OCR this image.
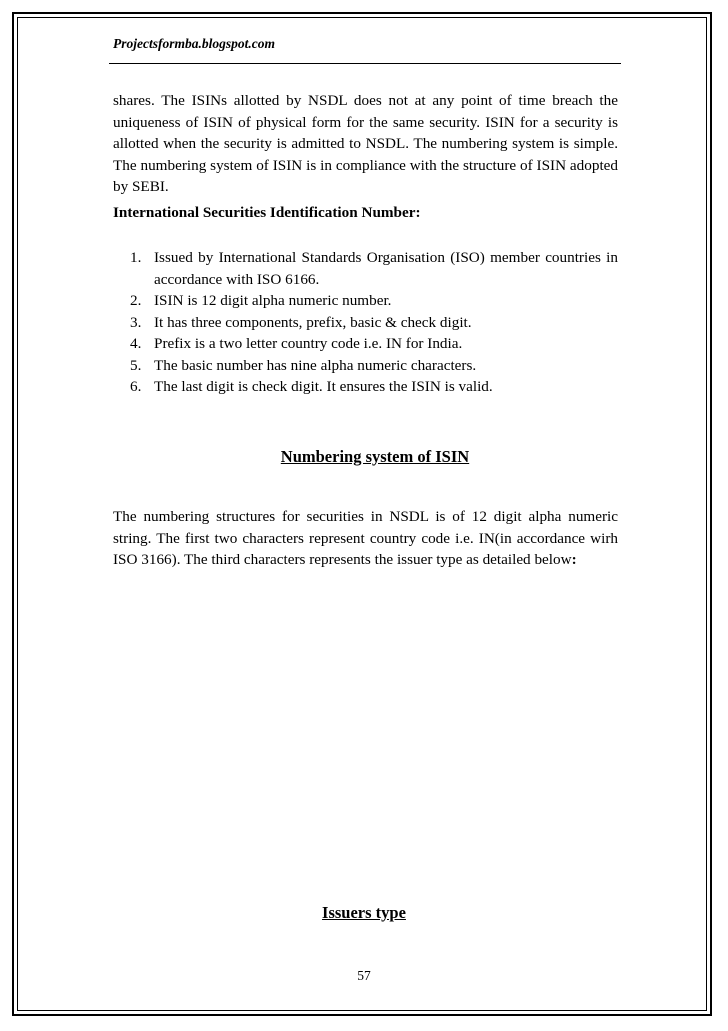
Projectsformba.blogspot.com

shares. The ISINs allotted by NSDL does not at any point of time breach the uniqueness of ISIN of physical form for the same security. ISIN for a security is allotted when the security is admitted to NSDL. The numbering system is simple. The numbering system of ISIN is in compliance with the structure of ISIN adopted by SEBI.

International Securities Identification Number:
1. Issued by International Standards Organisation (ISO) member countries in accordance with ISO 6166.
2. ISIN is 12 digit alpha numeric number.
3. It has three components, prefix, basic & check digit.
4. Prefix is a two letter country code i.e. IN for India.
5. The basic number has nine alpha numeric characters.
6. The last digit is check digit. It ensures the ISIN is valid.
Numbering system of ISIN

The numbering structures for securities in NSDL is of 12 digit alpha numeric string. The first two characters represent country code i.e. IN(in accordance wirh ISO 3166). The third characters represents the issuer type as detailed below:

Issuers type
57
